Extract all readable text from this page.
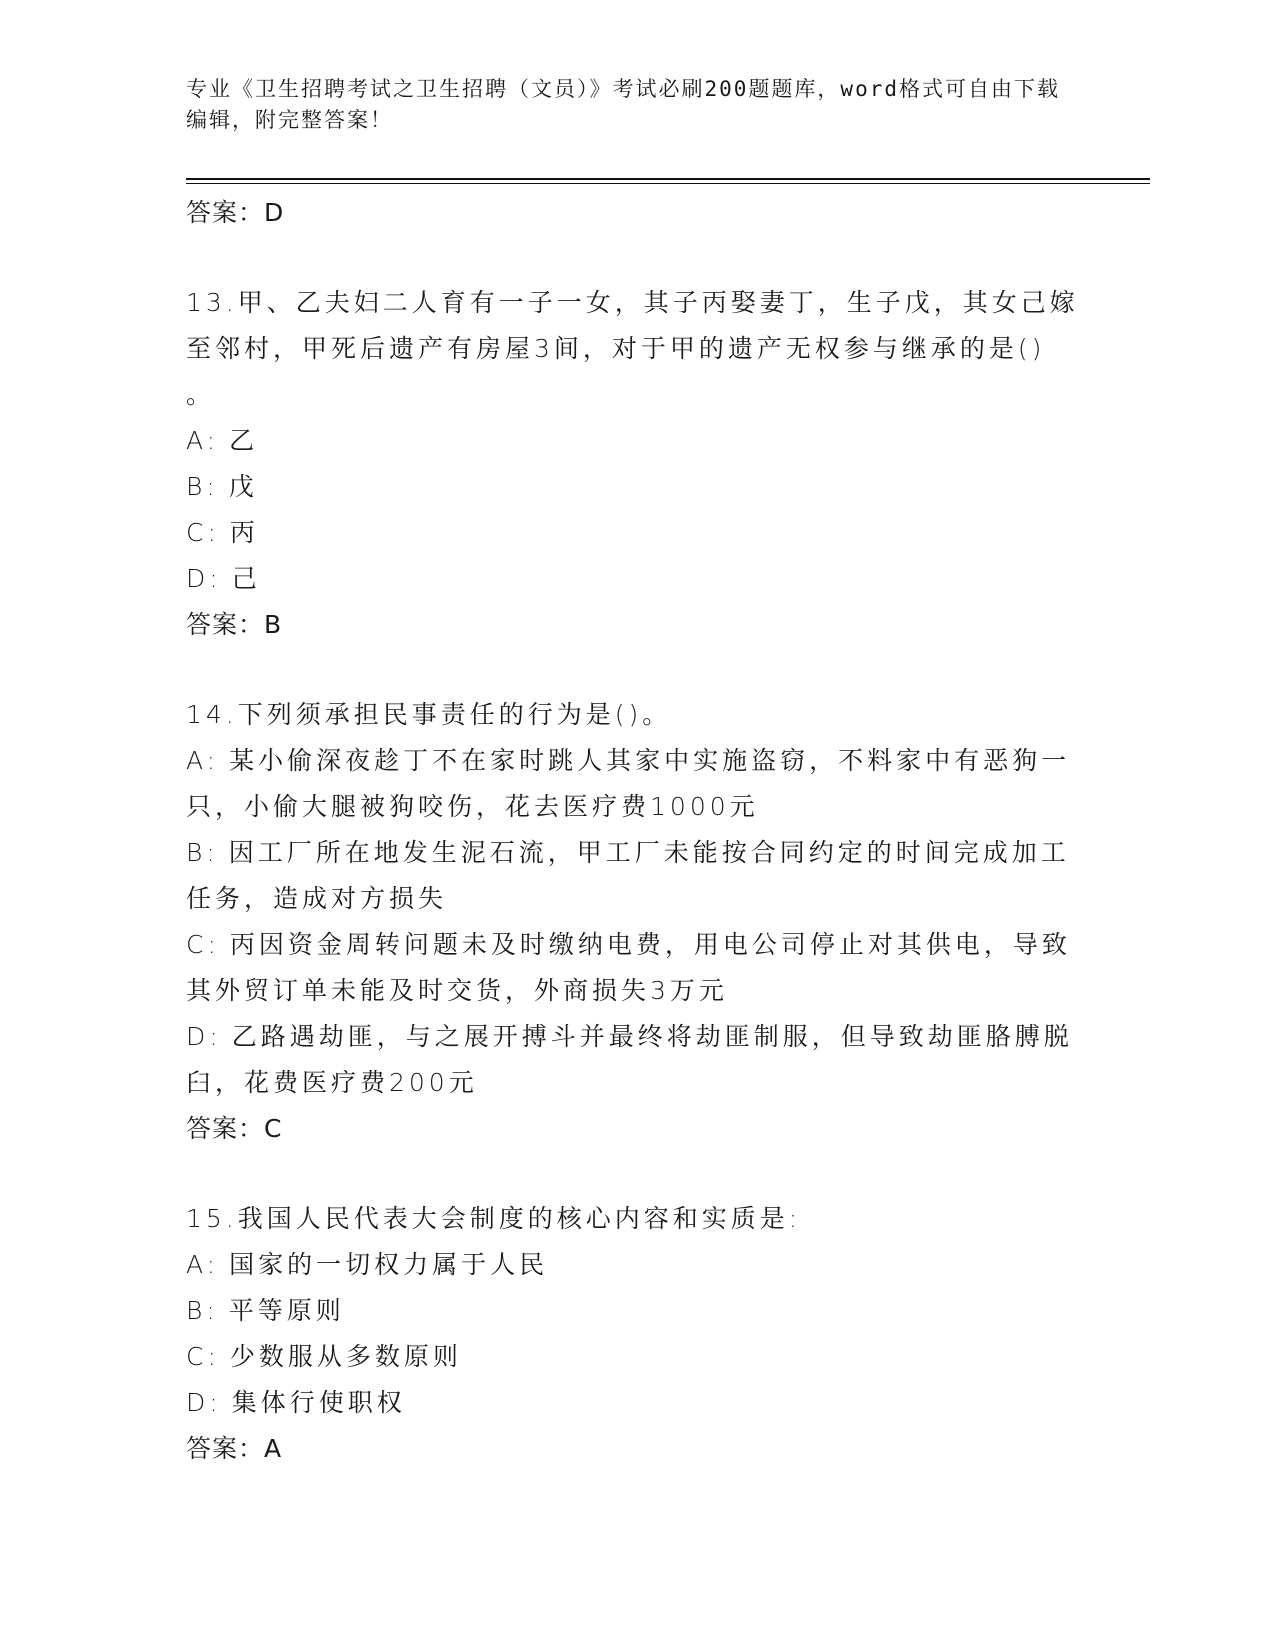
专业《卫生招聘考试之卫生招聘（文员）》考试必刷200题题库，word格式可自由下载编辑，附完整答案！

答案：D

13.甲、乙夫妇二人育有一子一女，其子丙娶妻丁，生子戊，其女己嫁

至邻村，甲死后遗产有房屋3间，对于甲的遗产无权参与继承的是()

。

A: 乙

B: 戊

C: 丙

D: 己

答案：B

14.下列须承担民事责任的行为是()。

A: 某小偷深夜趁丁不在家时跳人其家中实施盗窃，不料家中有恶狗一

只，小偷大腿被狗咬伤，花去医疗费1000元

B: 因工厂所在地发生泥石流，甲工厂未能按合同约定的时间完成加工

任务，造成对方损失

C: 丙因资金周转问题未及时缴纳电费，用电公司停止对其供电，导致

其外贸订单未能及时交货，外商损失3万元

D: 乙路遇劫匪，与之展开搏斗并最终将劫匪制服，但导致劫匪胳膊脱

臼，花费医疗费200元

答案：C

15.我国人民代表大会制度的核心内容和实质是:

A: 国家的一切权力属于人民

B: 平等原则

C: 少数服从多数原则

D: 集体行使职权

答案：A
